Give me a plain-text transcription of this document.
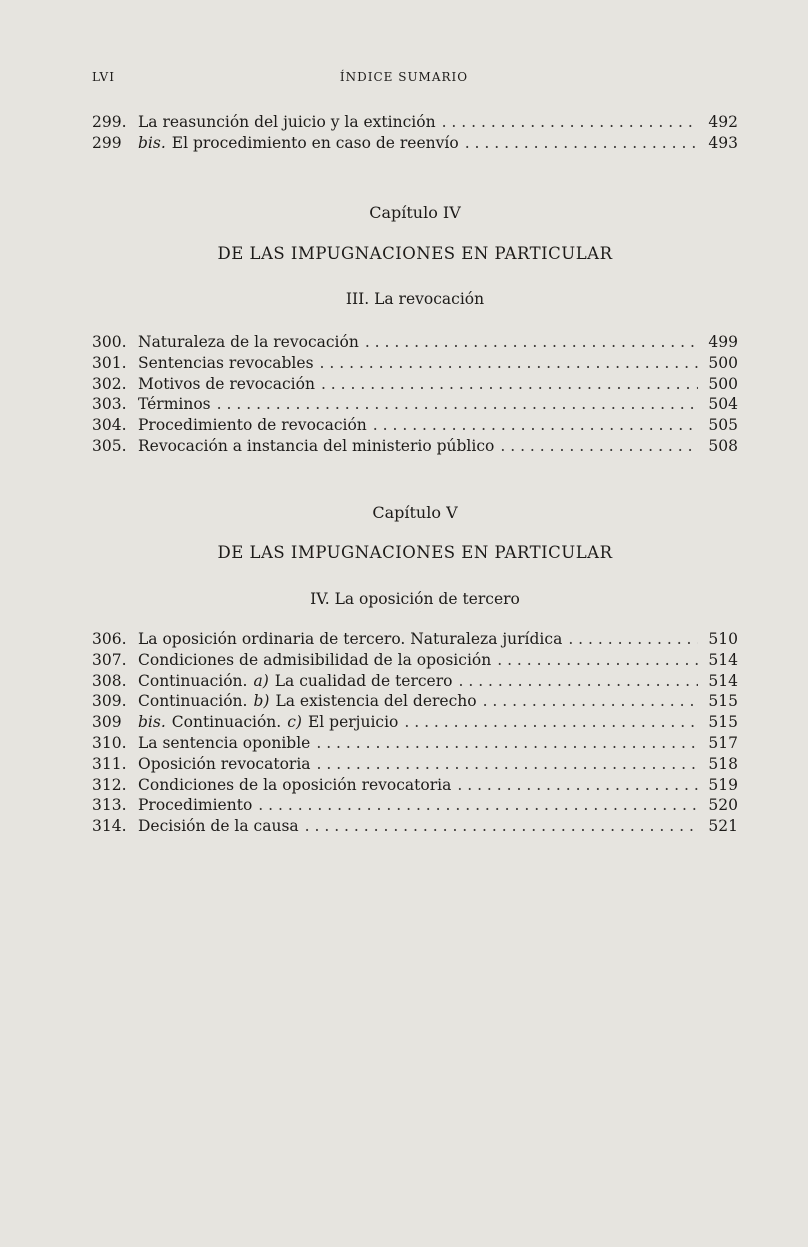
LVI	ÍNDICE SUMARIO
299. La reasunción del juicio y la extinción . . .	492
299	bis. El procedimiento en caso de reenvío . . .	493
Capítulo IV
DE LAS IMPUGNACIONES EN PARTICULAR
III. La revocación
300. Naturaleza de la revocación . . .	499
301. Sentencias revocables . . .	500
302. Motivos de revocación . . .	500
303. Términos . . .	504
304. Procedimiento de revocación . . .	505
305. Revocación a instancia del ministerio público . . .	508
Capítulo V
DE LAS IMPUGNACIONES EN PARTICULAR
IV. La oposición de tercero
306. La oposición ordinaria de tercero. Naturaleza jurídica . . .	510
307. Condiciones de admisibilidad de la oposición . . .	514
308. Continuación. a) La cualidad de tercero . . .	514
309. Continuación. b) La existencia del derecho . . .	515
309	bis. Continuación. c) El perjuicio . . .	515
310. La sentencia oponible . . .	517
311. Oposición revocatoria . . .	518
312. Condiciones de la oposición revocatoria . . .	519
313. Procedimiento . . .	520
314. Decisión de la causa . . .	521
